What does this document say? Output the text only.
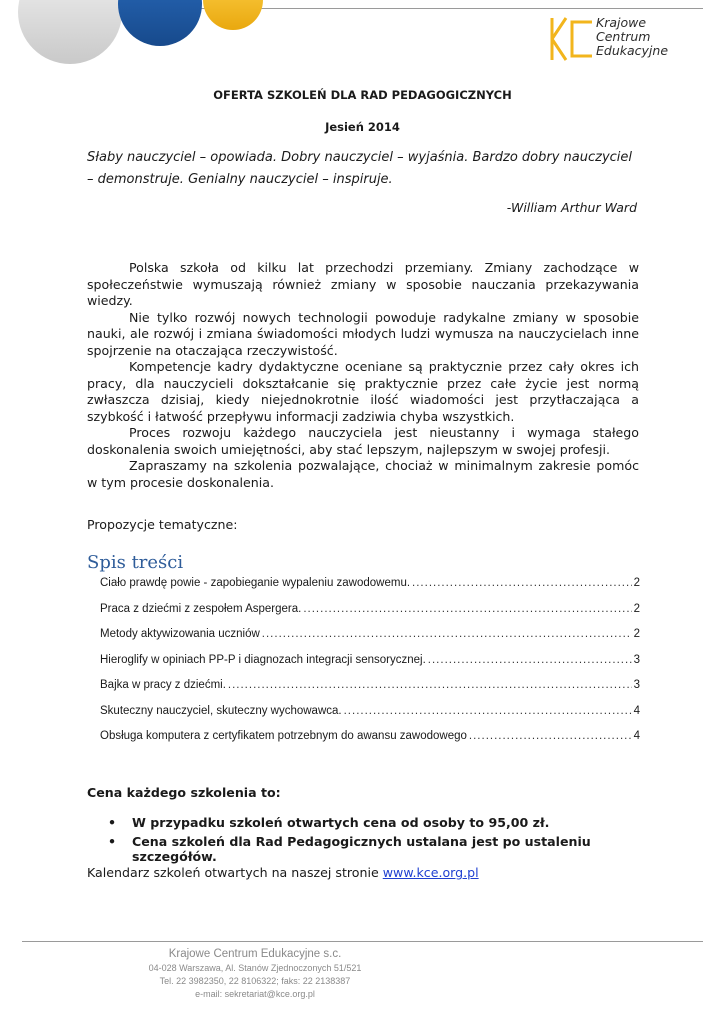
Krajowe
Centrum
Edukacyjne
OFERTA SZKOLEŃ DLA RAD PEDAGOGICZNYCH
Jesień 2014
Słaby nauczyciel – opowiada. Dobry nauczyciel – wyjaśnia. Bardzo dobry nauczyciel – demonstruje. Genialny nauczyciel – inspiruje.
-William Arthur Ward

Polska szkoła od kilku lat przechodzi przemiany. Zmiany zachodzące w społeczeństwie wymuszają również zmiany w sposobie nauczania przekazywania wiedzy.

Nie tylko rozwój nowych technologii powoduje radykalne zmiany w sposobie nauki, ale rozwój i zmiana świadomości młodych ludzi wymusza na nauczycielach inne spojrzenie na otaczająca rzeczywistość.

Kompetencje kadry dydaktyczne oceniane są praktycznie przez cały okres ich pracy, dla nauczycieli dokształcanie się praktycznie przez całe życie jest normą zwłaszcza dzisiaj, kiedy niejednokrotnie ilość wiadomości jest przytłaczająca a szybkość i łatwość przepływu informacji zadziwia chyba wszystkich.

Proces rozwoju każdego nauczyciela jest nieustanny i wymaga stałego doskonalenia swoich umiejętności, aby stać lepszym, najlepszym w swojej profesji.

Zapraszamy na szkolenia pozwalające, chociaż w minimalnym zakresie pomóc w tym procesie doskonalenia.

Propozycje tematyczne:
Spis treści
Ciało prawdę powie - zapobieganie wypaleniu zawodowemu. .....	2
Praca z dziećmi z zespołem Aspergera. .....	2
Metody aktywizowania uczniów .....	2
Hieroglify w opiniach PP-P i diagnozach integracji sensorycznej. .....	3
Bajka w pracy z dziećmi. .....	3
Skuteczny nauczyciel, skuteczny wychowawca. .....	4
Obsługa komputera z certyfikatem potrzebnym do awansu zawodowego .....	4
Cena każdego szkolenia to:
•	W przypadku szkoleń otwartych cena od osoby to 95,00 zł.
•	Cena szkoleń dla Rad Pedagogicznych ustalana jest po ustaleniu szczegółów.
Kalendarz szkoleń otwartych na naszej stronie www.kce.org.pl
Krajowe Centrum Edukacyjne s.c.
04-028 Warszawa, Al. Stanów Zjednoczonych 51/521
Tel. 22 3982350, 22 8106322; faks: 22 2138387
e-mail: sekretariat@kce.org.pl
